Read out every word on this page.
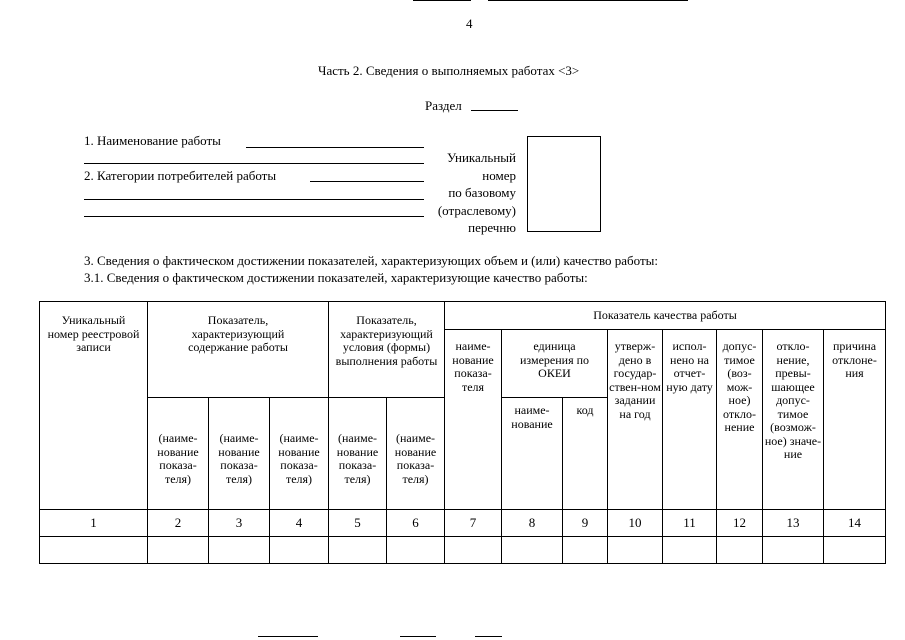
4
Часть 2. Сведения о выполняемых работах <3>
Раздел
1. Наименование работы
2. Категории потребителей работы
Уникальный
номер
по базовому
(отраслевому)
перечню
3. Сведения о фактическом достижении показателей, характеризующих объем и (или) качество работы:
3.1. Сведения о фактическом достижении показателей, характеризующие качество работы:
Уникальный номер реестровой записи	Показатель, характеризующий содержание работы			Показатель, характеризующий условия (формы) выполнения работы		Показатель качества работы							
						наиме-нование показа-теля	единица измерения по ОКЕИ		утверж-дено в государ-ствен-ном задании на год	испол-нено на отчет-ную дату	допус-тимое (воз-мож-ное) откло-нение	откло-нение, превы-шающее допус-тимое (возмож-ное) значе-ние	причина отклоне-ния
	(наиме-нование показа-теля)	(наиме-нование показа-теля)	(наиме-нование показа-теля)	(наиме-нование показа-теля)	(наиме-нование показа-теля)		наиме-нование	код					
1	2	3	4	5	6	7	8	9	10	11	12	13	14
